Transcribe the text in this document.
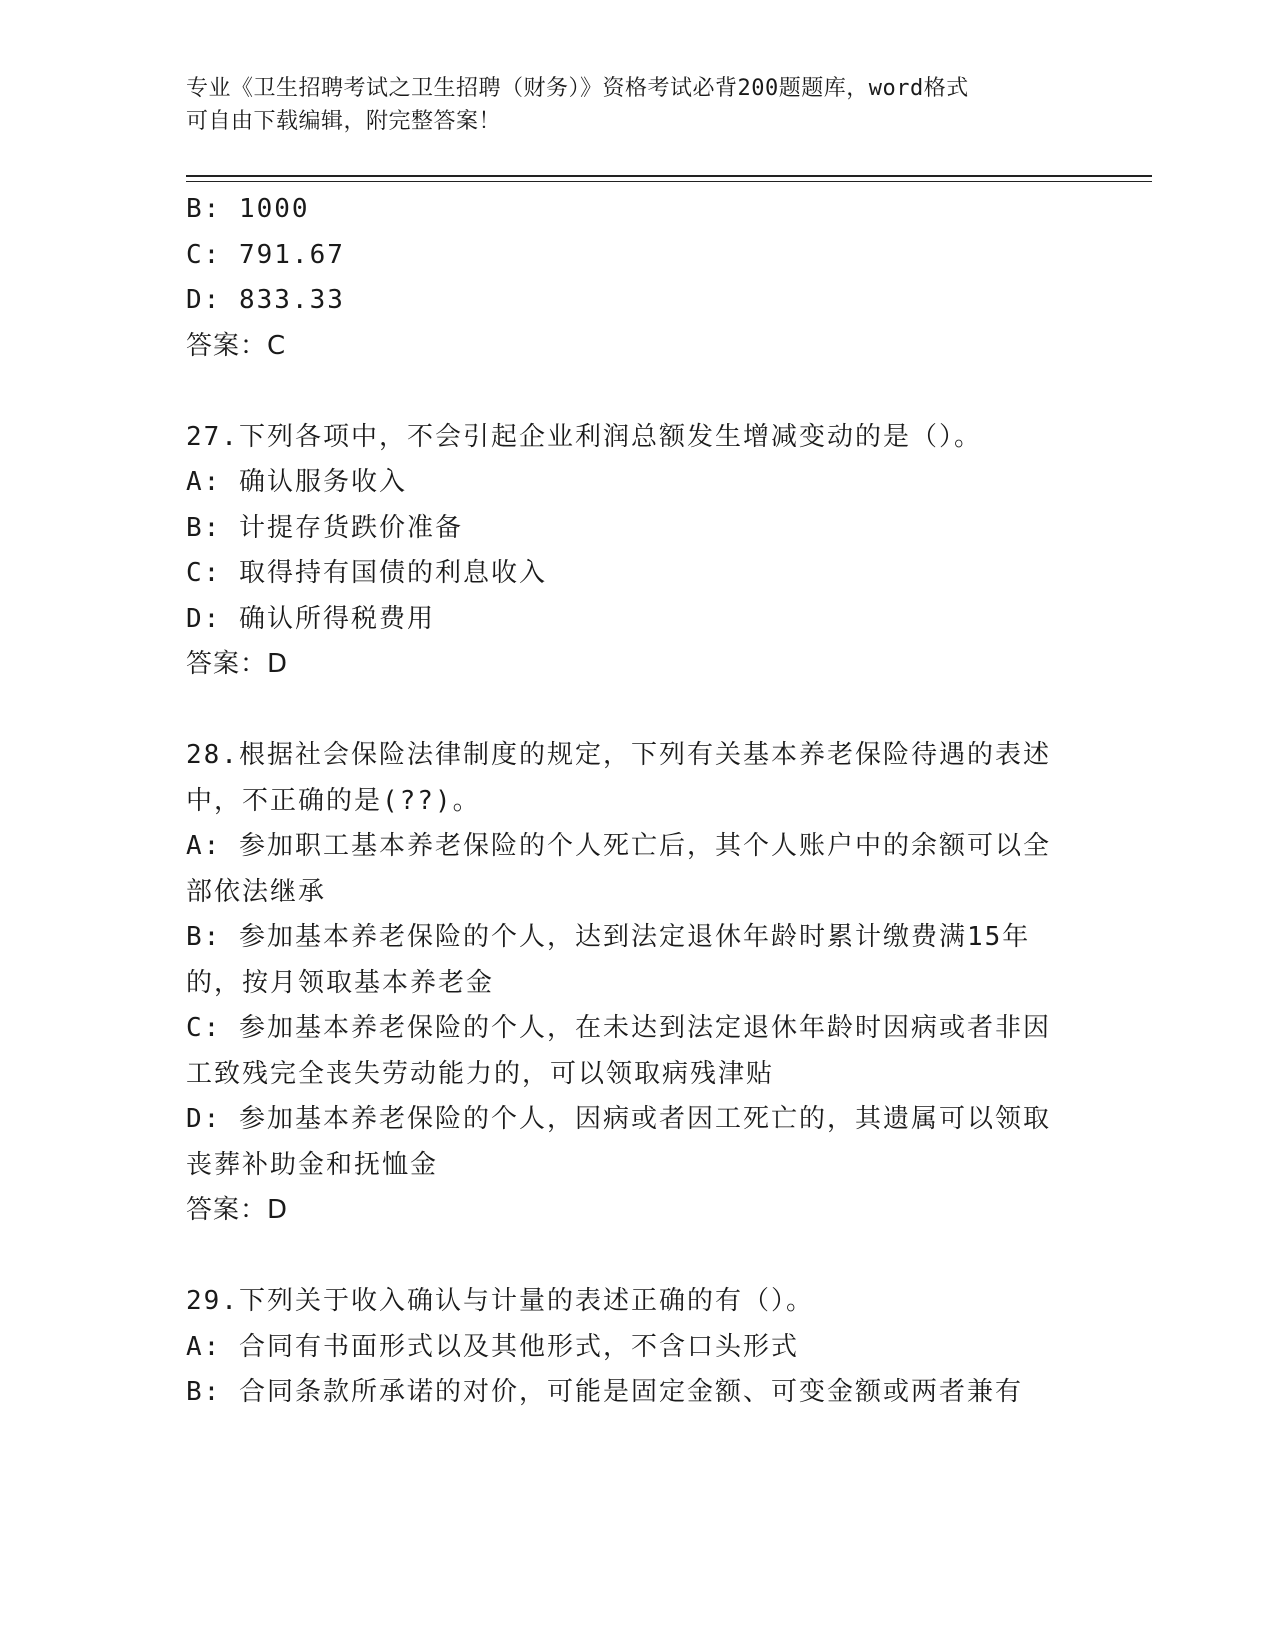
专业《卫生招聘考试之卫生招聘（财务）》资格考试必背200题题库，word格式
可自由下载编辑，附完整答案！
B: 1000
C: 791.67
D: 833.33
答案：C
27.下列各项中，不会引起企业利润总额发生增减变动的是（）。
A: 确认服务收入
B: 计提存货跌价准备
C: 取得持有国债的利息收入
D: 确认所得税费用
答案：D
28.根据社会保险法律制度的规定，下列有关基本养老保险待遇的表述
中，不正确的是(??)。
A: 参加职工基本养老保险的个人死亡后，其个人账户中的余额可以全
部依法继承
B: 参加基本养老保险的个人，达到法定退休年龄时累计缴费满15年
的，按月领取基本养老金
C: 参加基本养老保险的个人，在未达到法定退休年龄时因病或者非因
工致残完全丧失劳动能力的，可以领取病残津贴
D: 参加基本养老保险的个人，因病或者因工死亡的，其遗属可以领取
丧葬补助金和抚恤金
答案：D
29.下列关于收入确认与计量的表述正确的有（）。
A: 合同有书面形式以及其他形式，不含口头形式
B: 合同条款所承诺的对价，可能是固定金额、可变金额或两者兼有
